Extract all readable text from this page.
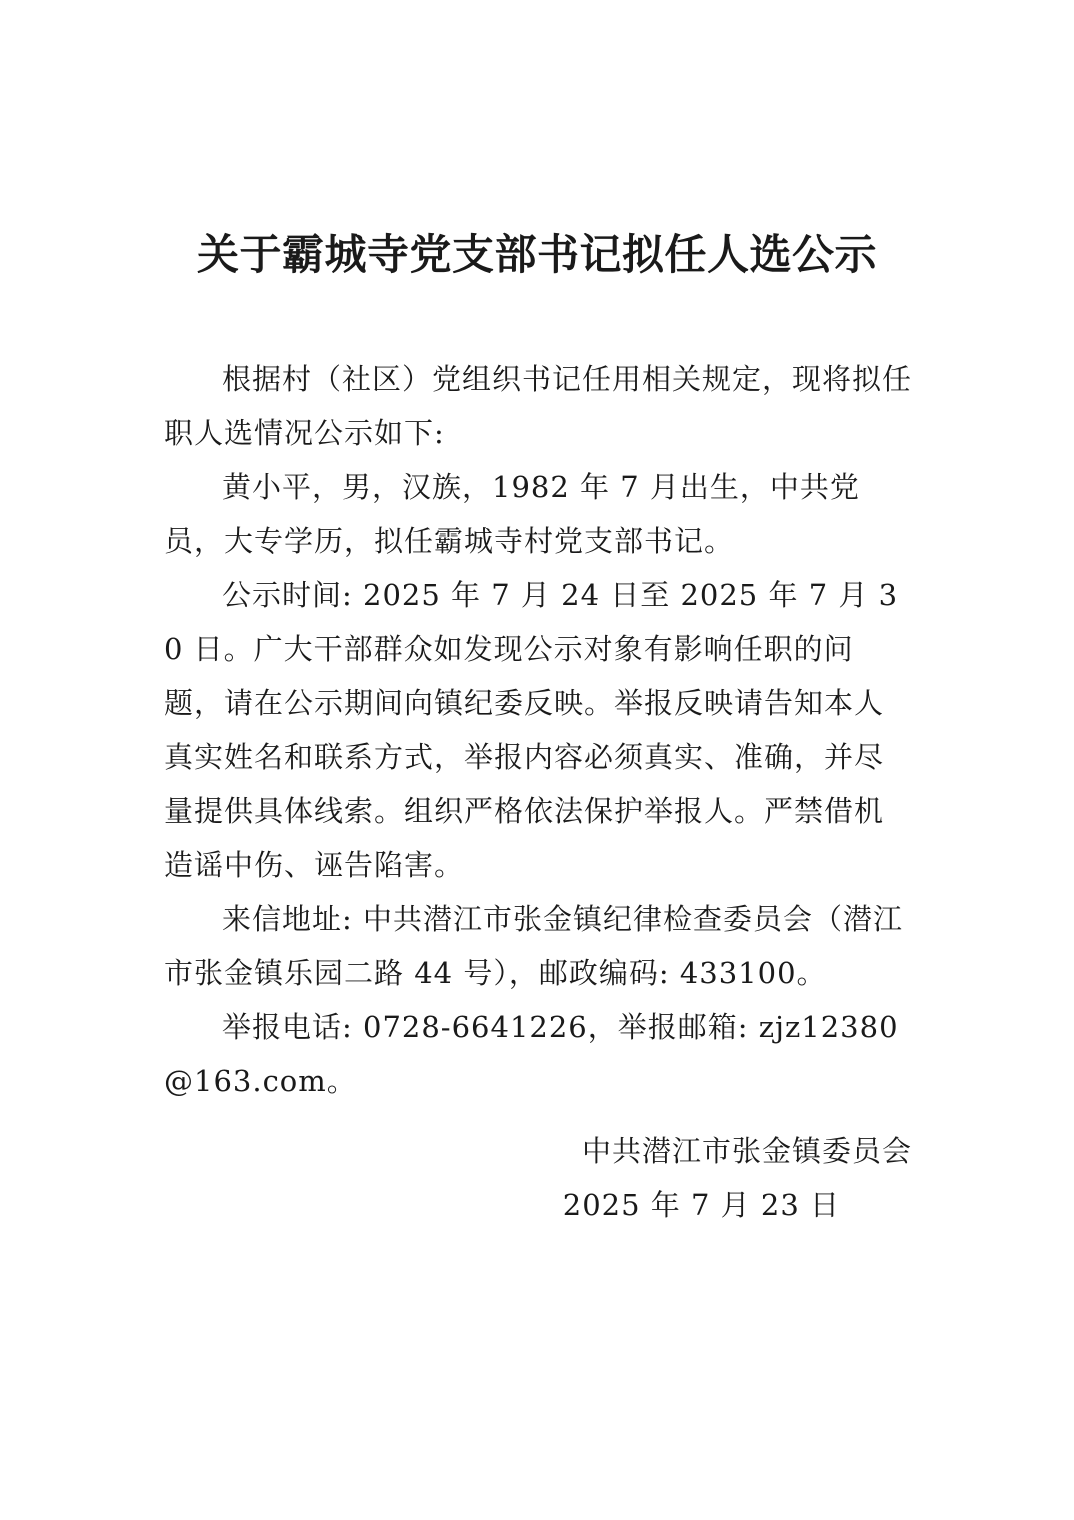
关于霸城寺党支部书记拟任人选公示

根据村（社区）党组织书记任用相关规定，现将拟任职人选情况公示如下:

黄小平，男，汉族，1982 年 7 月出生，中共党员，大专学历，拟任霸城寺村党支部书记。

公示时间: 2025 年 7 月 24 日至 2025 年 7 月 30 日。广大干部群众如发现公示对象有影响任职的问题，请在公示期间向镇纪委反映。举报反映请告知本人真实姓名和联系方式，举报内容必须真实、准确，并尽量提供具体线索。组织严格依法保护举报人。严禁借机造谣中伤、诬告陷害。

来信地址: 中共潜江市张金镇纪律检查委员会（潜江市张金镇乐园二路 44 号），邮政编码: 433100。

举报电话: 0728-6641226，举报邮箱: zjz12380@163.com。

中共潜江市张金镇委员会

2025 年 7 月 23 日
